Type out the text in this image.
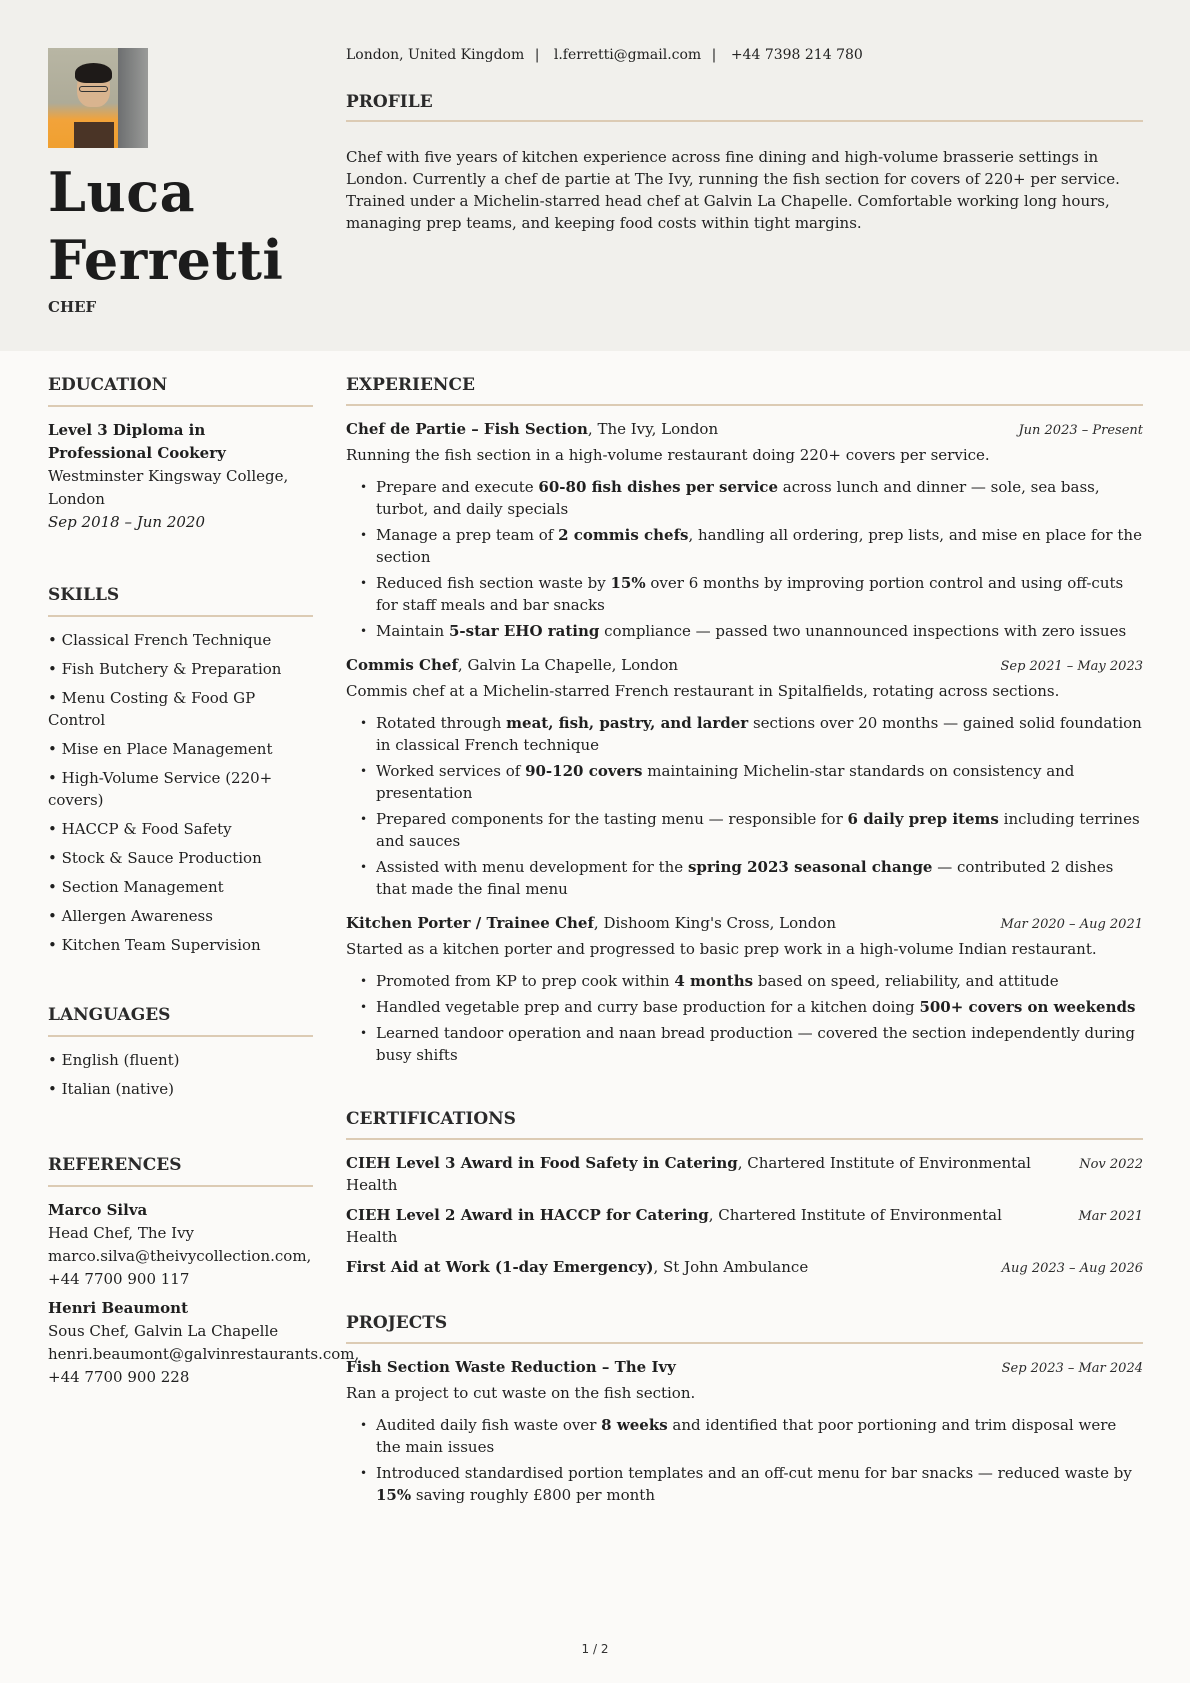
Luca
Ferretti
CHEF
London, United Kingdom | l.ferretti@gmail.com | +44 7398 214 780
PROFILE

Chef with five years of kitchen experience across fine dining and high-volume brasserie settings in London. Currently a chef de partie at The Ivy, running the fish section for covers of 220+ per service. Trained under a Michelin-starred head chef at Galvin La Chapelle. Comfortable working long hours, managing prep teams, and keeping food costs within tight margins.

EDUCATION
Level 3 Diploma in Professional Cookery
Westminster Kingsway College, London
Sep 2018 – Jun 2020
SKILLS
• Classical French Technique
• Fish Butchery & Preparation
• Menu Costing & Food GP Control
• Mise en Place Management
• High-Volume Service (220+ covers)
• HACCP & Food Safety
• Stock & Sauce Production
• Section Management
• Allergen Awareness
• Kitchen Team Supervision
LANGUAGES
• English (fluent)
• Italian (native)
REFERENCES
Marco Silva
Head Chef, The Ivy
marco.silva@theivycollection.com, +44 7700 900 117
Henri Beaumont
Sous Chef, Galvin La Chapelle
henri.beaumont@galvinrestaurants.com, +44 7700 900 228
EXPERIENCE
Chef de Partie – Fish Section, The Ivy, London	Jun 2023 – Present
Running the fish section in a high-volume restaurant doing 220+ covers per service.
• Prepare and execute 60-80 fish dishes per service across lunch and dinner — sole, sea bass, turbot, and daily specials
• Manage a prep team of 2 commis chefs, handling all ordering, prep lists, and mise en place for the section
• Reduced fish section waste by 15% over 6 months by improving portion control and using off-cuts for staff meals and bar snacks
• Maintain 5-star EHO rating compliance — passed two unannounced inspections with zero issues
Commis Chef, Galvin La Chapelle, London	Sep 2021 – May 2023
Commis chef at a Michelin-starred French restaurant in Spitalfields, rotating across sections.
• Rotated through meat, fish, pastry, and larder sections over 20 months — gained solid foundation in classical French technique
• Worked services of 90-120 covers maintaining Michelin-star standards on consistency and presentation
• Prepared components for the tasting menu — responsible for 6 daily prep items including terrines and sauces
• Assisted with menu development for the spring 2023 seasonal change — contributed 2 dishes that made the final menu
Kitchen Porter / Trainee Chef, Dishoom King's Cross, London	Mar 2020 – Aug 2021
Started as a kitchen porter and progressed to basic prep work in a high-volume Indian restaurant.
• Promoted from KP to prep cook within 4 months based on speed, reliability, and attitude
• Handled vegetable prep and curry base production for a kitchen doing 500+ covers on weekends
• Learned tandoor operation and naan bread production — covered the section independently during busy shifts
CERTIFICATIONS
CIEH Level 3 Award in Food Safety in Catering, Chartered Institute of Environmental Health
Nov 2022
CIEH Level 2 Award in HACCP for Catering, Chartered Institute of Environmental Health
Mar 2021
First Aid at Work (1-day Emergency), St John Ambulance	Aug 2023 – Aug 2026
PROJECTS
Fish Section Waste Reduction – The Ivy	Sep 2023 – Mar 2024
Ran a project to cut waste on the fish section.
• Audited daily fish waste over 8 weeks and identified that poor portioning and trim disposal were the main issues
• Introduced standardised portion templates and an off-cut menu for bar snacks — reduced waste by 15% saving roughly £800 per month
1 / 2
